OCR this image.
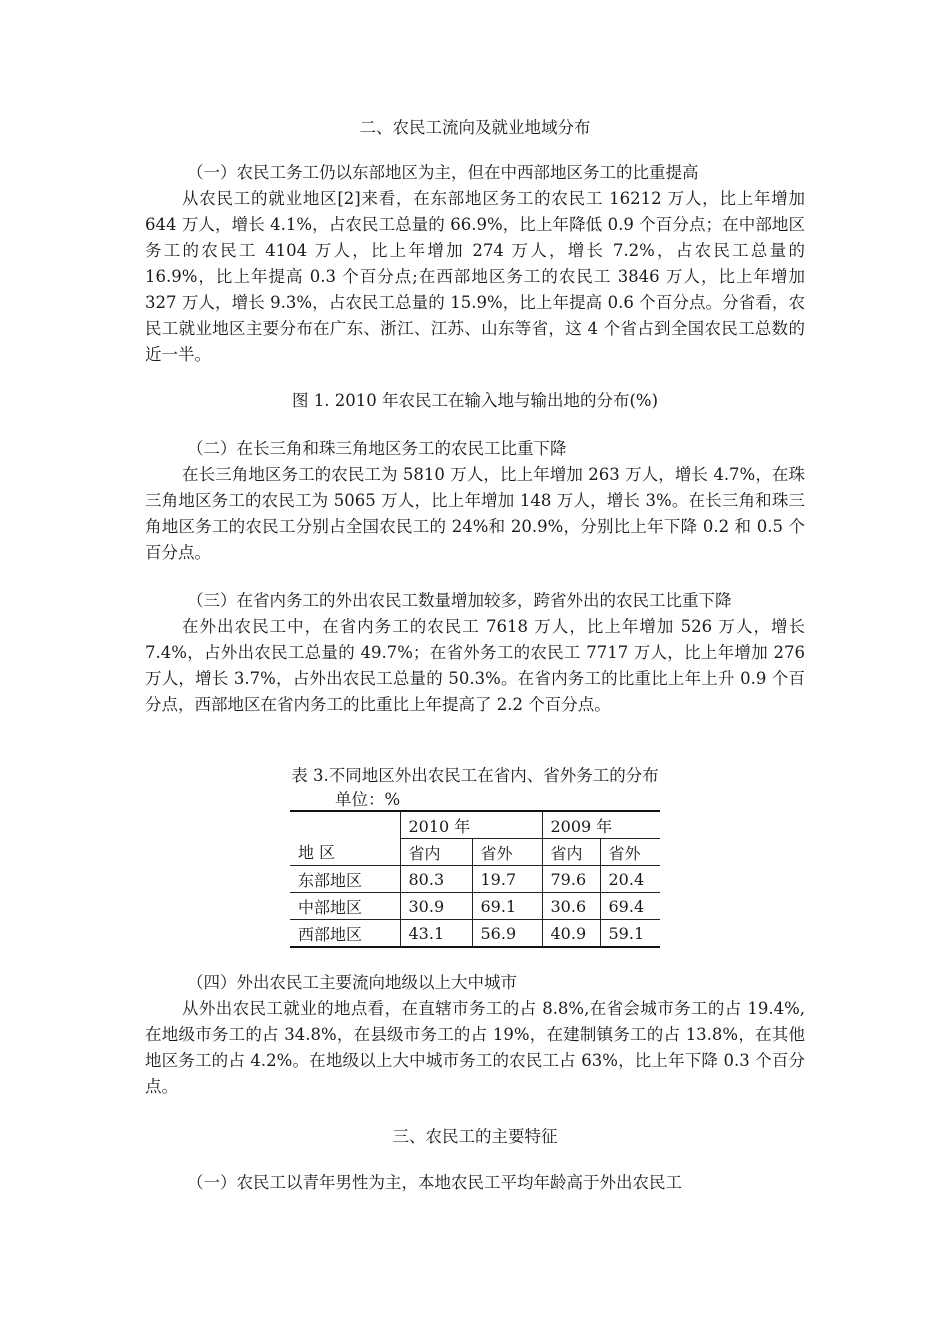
二、农民工流向及就业地域分布
（一）农民工务工仍以东部地区为主，但在中西部地区务工的比重提高

从农民工的就业地区[2]来看，在东部地区务工的农民工 16212 万人，比上年增加 644 万人，增长 4.1%，占农民工总量的 66.9%，比上年降低 0.9 个百分点；在中部地区务工的农民工 4104 万人，比上年增加 274 万人，增长 7.2%，占农民工总量的 16.9%，比上年提高 0.3 个百分点;在西部地区务工的农民工 3846 万人，比上年增加 327 万人，增长 9.3%，占农民工总量的 15.9%，比上年提高 0.6 个百分点。分省看，农民工就业地区主要分布在广东、浙江、江苏、山东等省，这 4 个省占到全国农民工总数的近一半。

图 1. 2010 年农民工在输入地与输出地的分布(%)
（二）在长三角和珠三角地区务工的农民工比重下降

在长三角地区务工的农民工为 5810 万人，比上年增加 263 万人，增长 4.7%，在珠三角地区务工的农民工为 5065 万人，比上年增加 148 万人，增长 3%。在长三角和珠三角地区务工的农民工分别占全国农民工的 24%和 20.9%，分别比上年下降 0.2 和 0.5 个百分点。

（三）在省内务工的外出农民工数量增加较多，跨省外出的农民工比重下降

在外出农民工中，在省内务工的农民工 7618 万人，比上年增加 526 万人，增长 7.4%，占外出农民工总量的 49.7%；在省外务工的农民工 7717 万人，比上年增加 276 万人，增长 3.7%，占外出农民工总量的 50.3%。在省内务工的比重比上年上升 0.9 个百分点，西部地区在省内务工的比重比上年提高了 2.2 个百分点。

表 3.不同地区外出农民工在省内、省外务工的分布
单位：%
（四）外出农民工主要流向地级以上大中城市

从外出农民工就业的地点看，在直辖市务工的占 8.8%,在省会城市务工的占 19.4%,在地级市务工的占 34.8%，在县级市务工的占 19%，在建制镇务工的占 13.8%，在其他地区务工的占 4.2%。在地级以上大中城市务工的农民工占 63%，比上年下降 0.3 个百分点。

三、农民工的主要特征
（一）农民工以青年男性为主，本地农民工平均年龄高于外出农民工
	2010 年		2009 年	
地 区	省内	省外	省内	省外
东部地区	80.3	19.7	79.6	20.4
中部地区	30.9	69.1	30.6	69.4
西部地区	43.1	56.9	40.9	59.1
